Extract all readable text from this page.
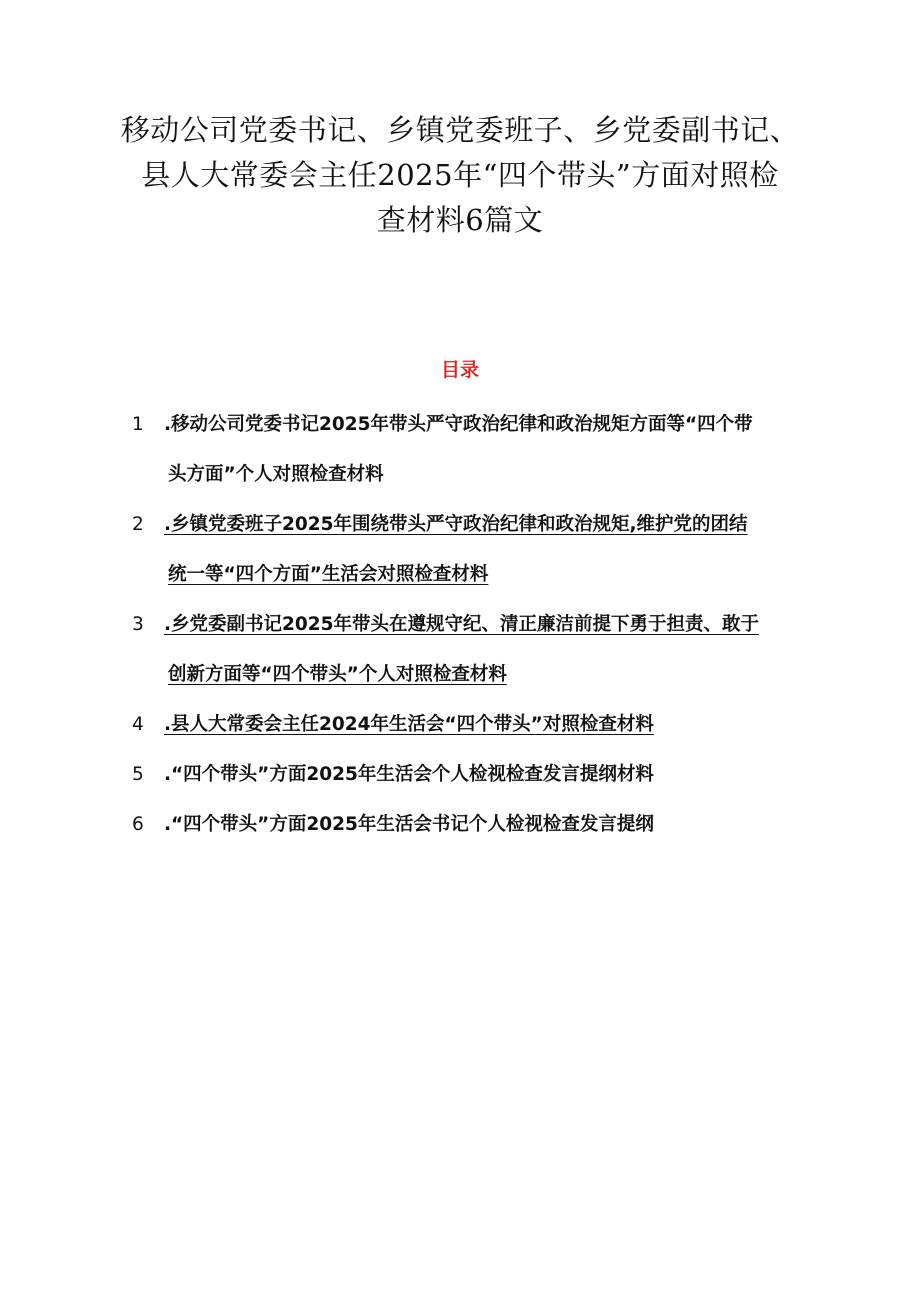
移动公司党委书记、乡镇党委班子、乡党委副书记、
县人大常委会主任2025年“四个带头”方面对照检
查材料6篇文
目录
1	.移动公司党委书记2025年带头严守政治纪律和政治规矩方面等“四个带
头方面”个人对照检查材料
2	.乡镇党委班子2025年围绕带头严守政治纪律和政治规矩,维护党的团结
统一等“四个方面”生活会对照检查材料
3	.乡党委副书记2025年带头在遵规守纪、清正廉洁前提下勇于担责、敢于
创新方面等“四个带头”个人对照检查材料
4	.县人大常委会主任2024年生活会“四个带头”对照检查材料
5	.“四个带头”方面2025年生活会个人检视检查发言提纲材料
6	.“四个带头”方面2025年生活会书记个人检视检查发言提纲
